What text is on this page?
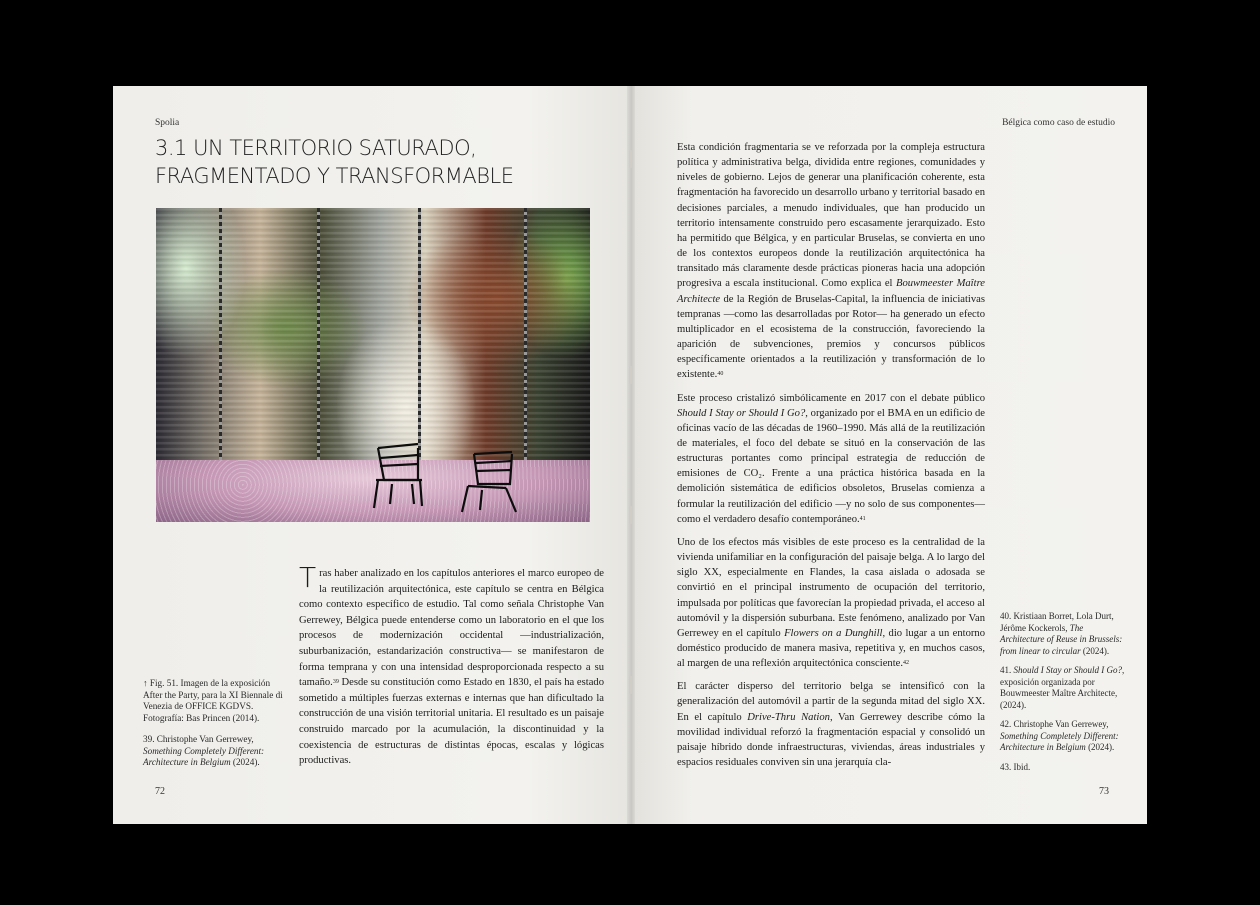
Spolia
3.1 UN TERRITORIO SATURADO, FRAGMENTADO Y TRANSFORMABLE
↑ Fig. 51. Imagen de la exposición After the Party, para la XI Biennale di Venezia de OFFICE KGDVS. Fotografía: Bas Princen (2014).
39. Christophe Van Gerrewey, Something Completely Different: Architecture in Belgium (2024).
Tras haber analizado en los capítulos anteriores el marco europeo de la reutilización arquitectónica, este capítulo se centra en Bélgica como contexto específico de estudio. Tal como señala Christophe Van Gerrewey, Bélgica puede entenderse como un laboratorio en el que los procesos de modernización occidental —industrialización, suburbanización, estandarización constructiva— se manifestaron de forma temprana y con una intensidad desproporcionada respecto a su tamaño.$^{39}$ Desde su constitución como Estado en 1830, el país ha estado sometido a múltiples fuerzas externas e internas que han dificultado la construcción de una visión territorial unitaria. El resultado es un paisaje construido marcado por la acumulación, la discontinuidad y la coexistencia de estructuras de distintas épocas, escalas y lógicas productivas.
72
Bélgica como caso de estudio

Esta condición fragmentaria se ve reforzada por la compleja estructura política y administrativa belga, dividida entre regiones, comunidades y niveles de gobierno. Lejos de generar una planificación coherente, esta fragmentación ha favorecido un desarrollo urbano y territorial basado en decisiones parciales, a menudo individuales, que han producido un territorio intensamente construido pero escasamente jerarquizado. Esto ha permitido que Bélgica, y en particular Bruselas, se convierta en uno de los contextos europeos donde la reutilización arquitectónica ha transitado más claramente desde prácticas pioneras hacia una adopción progresiva a escala institucional. Como explica el Bouwmeester Maître Architecte de la Región de Bruselas-Capital, la influencia de iniciativas tempranas —como las desarrolladas por Rotor— ha generado un efecto multiplicador en el ecosistema de la construcción, favoreciendo la aparición de subvenciones, premios y concursos públicos específicamente orientados a la reutilización y transformación de lo existente.$^{40}$

Este proceso cristalizó simbólicamente en 2017 con el debate público Should I Stay or Should I Go?, organizado por el BMA en un edificio de oficinas vacío de las décadas de 1960–1990. Más allá de la reutilización de materiales, el foco del debate se situó en la conservación de las estructuras portantes como principal estrategia de reducción de emisiones de CO₂. Frente a una práctica histórica basada en la demolición sistemática de edificios obsoletos, Bruselas comienza a formular la reutilización del edificio —y no solo de sus componentes— como el verdadero desafío contemporáneo.$^{41}$

Uno de los efectos más visibles de este proceso es la centralidad de la vivienda unifamiliar en la configuración del paisaje belga. A lo largo del siglo XX, especialmente en Flandes, la casa aislada o adosada se convirtió en el principal instrumento de ocupación del territorio, impulsada por políticas que favorecían la propiedad privada, el acceso al automóvil y la dispersión suburbana. Este fenómeno, analizado por Van Gerrewey en el capítulo Flowers on a Dunghill, dio lugar a un entorno doméstico producido de manera masiva, repetitiva y, en muchos casos, al margen de una reflexión arquitectónica consciente.$^{42}$

El carácter disperso del territorio belga se intensificó con la generalización del automóvil a partir de la segunda mitad del siglo XX. En el capítulo Drive-Thru Nation, Van Gerrewey describe cómo la movilidad individual reforzó la fragmentación espacial y consolidó un paisaje híbrido donde infraestructuras, viviendas, áreas industriales y espacios residuales conviven sin una jerarquía cla-

40. Kristiaan Borret, Lola Durt, Jérôme Kockerols, The Architecture of Reuse in Brussels: from linear to circular (2024).

41. Should I Stay or Should I Go?, exposición organizada por Bouwmeester Maître Architecte, (2024).

42. Christophe Van Gerrewey, Something Completely Different: Architecture in Belgium (2024).

43. Ibid.

73
